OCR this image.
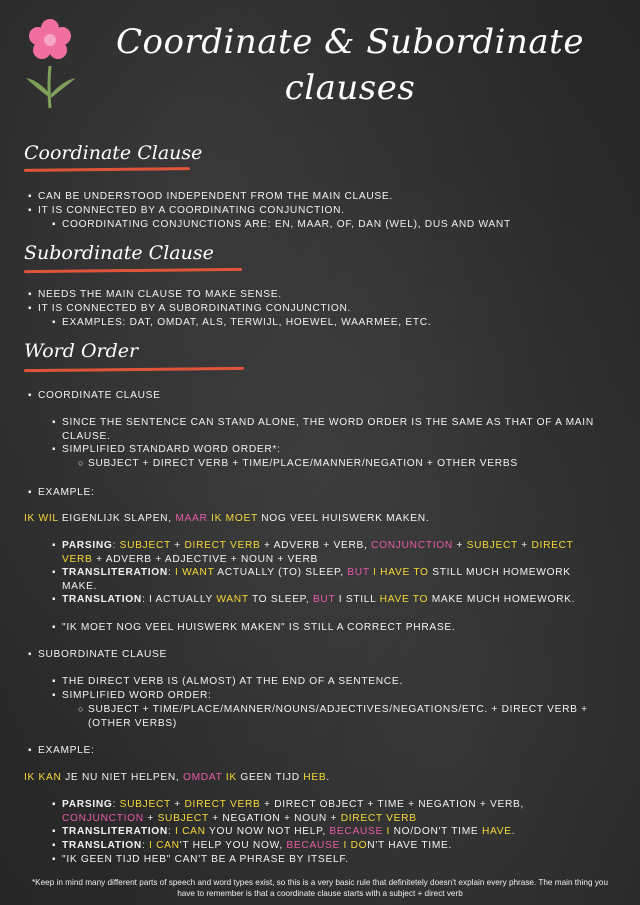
Coordinate & Subordinate
clauses
Coordinate Clause
▪ CAN BE UNDERSTOOD INDEPENDENT FROM THE MAIN CLAUSE.
▪ IT IS CONNECTED BY A COORDINATING CONJUNCTION.
▪ COORDINATING CONJUNCTIONS ARE: EN, MAAR, OF, DAN (WEL), DUS AND WANT
Subordinate Clause
▪ NEEDS THE MAIN CLAUSE TO MAKE SENSE.
▪ IT IS CONNECTED BY A SUBORDINATING CONJUNCTION.
▪ EXAMPLES: DAT, OMDAT, ALS, TERWIJL, HOEWEL, WAARMEE, ETC.
Word Order
▪ COORDINATE CLAUSE
▪ SINCE THE SENTENCE CAN STAND ALONE, THE WORD ORDER IS THE SAME AS THAT OF A MAIN CLAUSE.
▪ SIMPLIFIED STANDARD WORD ORDER*:
○ SUBJECT + DIRECT VERB + TIME/PLACE/MANNER/NEGATION + OTHER VERBS
▪ EXAMPLE:
IK WIL EIGENLIJK SLAPEN, MAAR IK MOET NOG VEEL HUISWERK MAKEN.
▪ PARSING: SUBJECT + DIRECT VERB + ADVERB + VERB, CONJUNCTION + SUBJECT + DIRECT VERB + ADVERB + ADJECTIVE + NOUN + VERB
▪ TRANSLITERATION: I WANT ACTUALLY (TO) SLEEP, BUT I HAVE TO STILL MUCH HOMEWORK MAKE.
▪ TRANSLATION: I ACTUALLY WANT TO SLEEP, BUT I STILL HAVE TO MAKE MUCH HOMEWORK.
▪ "IK MOET NOG VEEL HUISWERK MAKEN" IS STILL A CORRECT PHRASE.
▪ SUBORDINATE CLAUSE
▪ THE DIRECT VERB IS (ALMOST) AT THE END OF A SENTENCE.
▪ SIMPLIFIED WORD ORDER:
○ SUBJECT + TIME/PLACE/MANNER/NOUNS/ADJECTIVES/NEGATIONS/ETC. + DIRECT VERB + (OTHER VERBS)
▪ EXAMPLE:
IK KAN JE NU NIET HELPEN, OMDAT IK GEEN TIJD HEB.
▪ PARSING: SUBJECT + DIRECT VERB + DIRECT OBJECT + TIME + NEGATION + VERB, CONJUNCTION + SUBJECT + NEGATION + NOUN + DIRECT VERB
▪ TRANSLITERATION: I CAN YOU NOW NOT HELP, BECAUSE I NO/DON'T TIME HAVE.
▪ TRANSLATION: I CAN'T HELP YOU NOW, BECAUSE I DON'T HAVE TIME.
▪ "IK GEEN TIJD HEB" CAN'T BE A PHRASE BY ITSELF.
*Keep in mind many different parts of speech and word types exist, so this is a very basic rule that definitetely doesn't explain every phrase. The main thing you have to remember is that a coordinate clause starts with a subject + direct verb
